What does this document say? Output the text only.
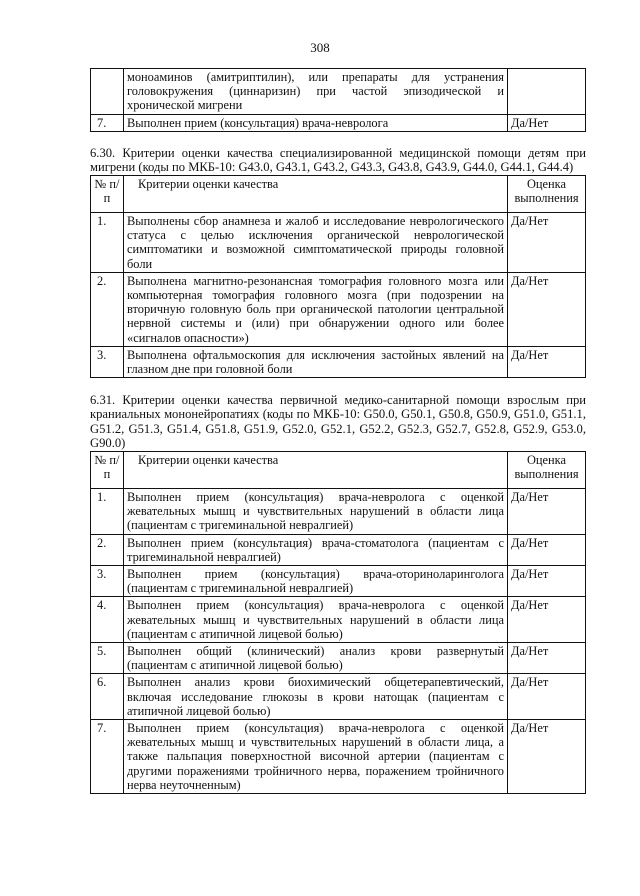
308
	моноаминов (амитриптилин), или препараты для устранения головокружения (циннаризин) при частой эпизодической и хронической мигрени	
7.	Выполнен прием (консультация) врача-невролога	Да/Нет
6.30. Критерии оценки качества специализированной медицинской помощи детям при мигрени (коды по МКБ-10: G43.0, G43.1, G43.2, G43.3, G43.8, G43.9, G44.0, G44.1, G44.4)
№ п/п	Критерии оценки качества	Оценка выполнения
1.	Выполнены сбор анамнеза и жалоб и исследование неврологического статуса с целью исключения органической неврологической симптоматики и возможной симптоматической природы головной боли	Да/Нет
2.	Выполнена магнитно-резонансная томография головного мозга или компьютерная томография головного мозга (при подозрении на вторичную головную боль при органической патологии центральной нервной системы и (или) при обнаружении одного или более «сигналов опасности»)	Да/Нет
3.	Выполнена офтальмоскопия для исключения застойных явлений на глазном дне при головной боли	Да/Нет
6.31. Критерии оценки качества первичной медико-санитарной помощи взрослым при краниальных мононейропатиях (коды по МКБ-10: G50.0, G50.1, G50.8, G50.9, G51.0, G51.1, G51.2, G51.3, G51.4, G51.8, G51.9, G52.0, G52.1, G52.2, G52.3, G52.7, G52.8, G52.9, G53.0, G90.0)
№ п/п	Критерии оценки качества	Оценка выполнения
1.	Выполнен прием (консультация) врача-невролога с оценкой жевательных мышц и чувствительных нарушений в области лица (пациентам с тригеминальной невралгией)	Да/Нет
2.	Выполнен прием (консультация) врача-стоматолога (пациентам с тригеминальной невралгией)	Да/Нет
3.	Выполнен прием (консультация) врача-оториноларинголога (пациентам с тригеминальной невралгией)	Да/Нет
4.	Выполнен прием (консультация) врача-невролога с оценкой жевательных мышц и чувствительных нарушений в области лица (пациентам с атипичной лицевой болью)	Да/Нет
5.	Выполнен общий (клинический) анализ крови развернутый (пациентам с атипичной лицевой болью)	Да/Нет
6.	Выполнен анализ крови биохимический общетерапевтический, включая исследование глюкозы в крови натощак (пациентам с атипичной лицевой болью)	Да/Нет
7.	Выполнен прием (консультация) врача-невролога с оценкой жевательных мышц и чувствительных нарушений в области лица, а также пальпация поверхностной височной артерии (пациентам с другими поражениями тройничного нерва, поражением тройничного нерва неуточненным)	Да/Нет
